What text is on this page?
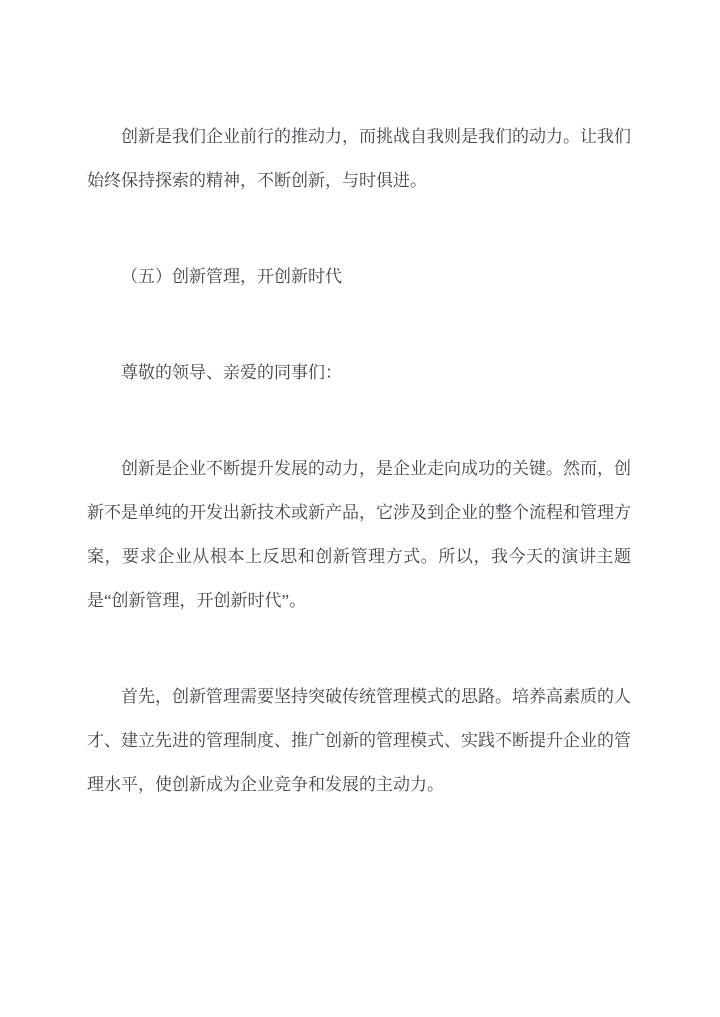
创新是我们企业前行的推动力，而挑战自我则是我们的动力。让我们始终保持探索的精神，不断创新，与时俱进。

（五）创新管理，开创新时代

尊敬的领导、亲爱的同事们：

创新是企业不断提升发展的动力，是企业走向成功的关键。然而，创新不是单纯的开发出新技术或新产品，它涉及到企业的整个流程和管理方案，要求企业从根本上反思和创新管理方式。所以，我今天的演讲主题是“创新管理，开创新时代”。

首先，创新管理需要坚持突破传统管理模式的思路。培养高素质的人才、建立先进的管理制度、推广创新的管理模式、实践不断提升企业的管理水平，使创新成为企业竞争和发展的主动力。
